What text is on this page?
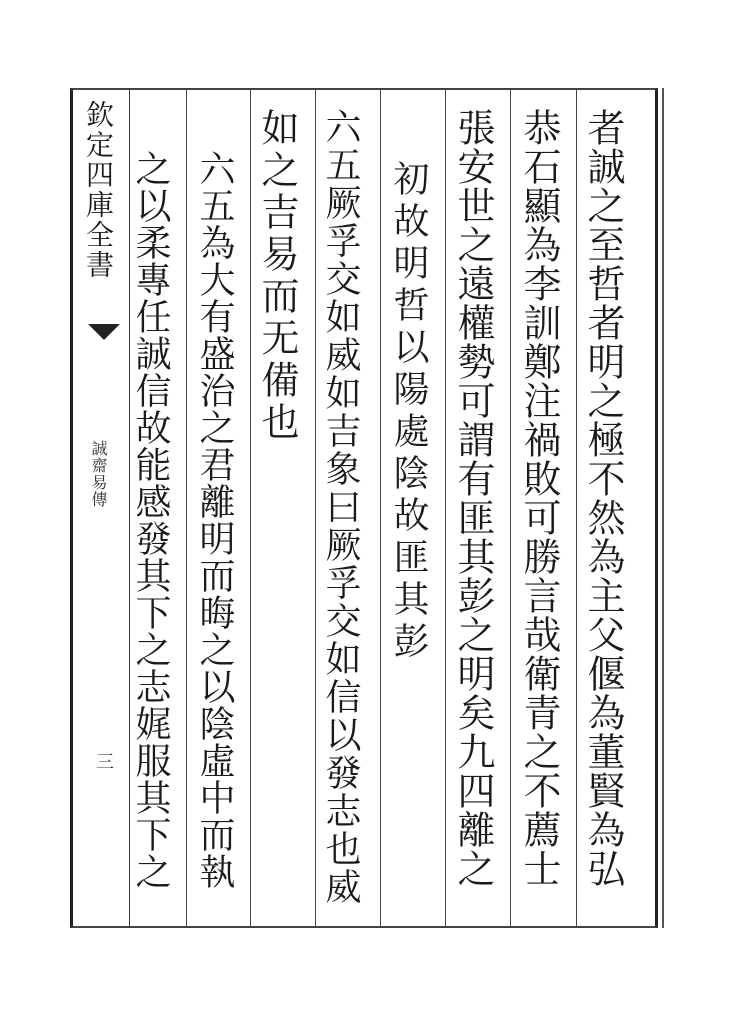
欽定四庫全書
誠齋易傳
三	者誠之至哲者明之極不然為主父偃為董賢為弘
恭石顯為李訓鄭注禍敗可勝言哉衛青之不薦士
張安世之遠權勢可謂有匪其彭之明矣九四離之
初故明哲以陽處陰故匪其彭
六五厥孚交如威如吉象曰厥孚交如信以發志也威
如之吉易而无備也
六五為大有盛治之君離明而晦之以陰虛中而執
之以柔專任誠信故能感發其下之志娓服其下之
